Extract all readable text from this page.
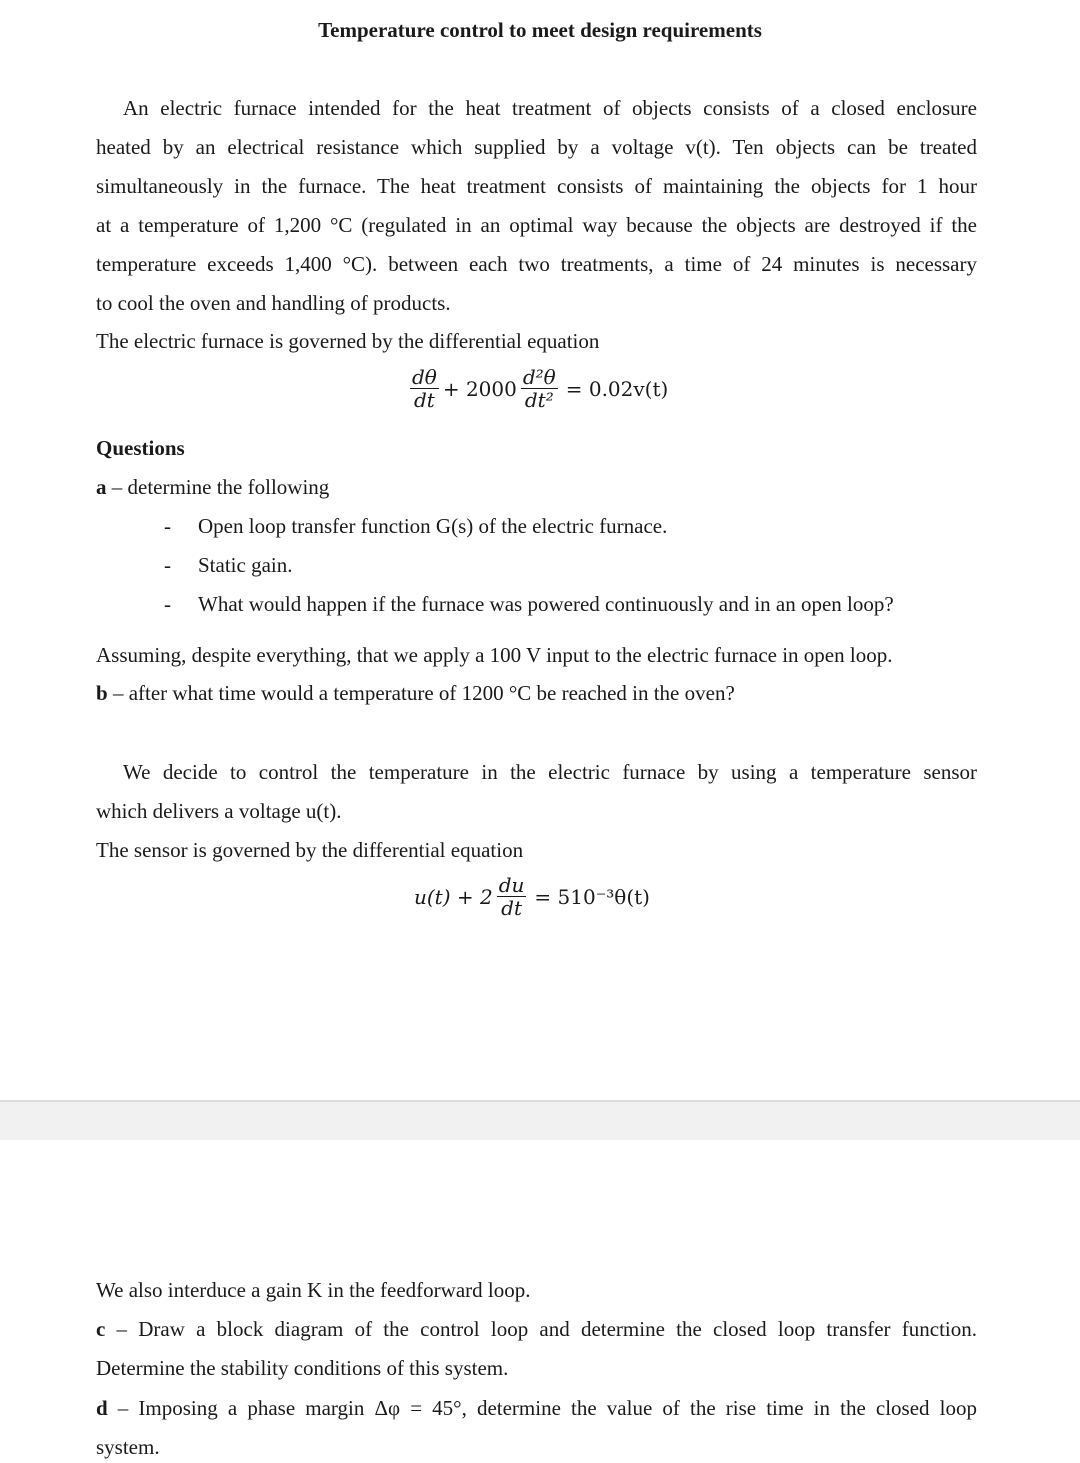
Temperature control to meet design requirements
An electric furnace intended for the heat treatment of objects consists of a closed enclosure
heated by an electrical resistance which supplied by a voltage v(t). Ten objects can be treated
simultaneously in the furnace. The heat treatment consists of maintaining the objects for 1 hour
at a temperature of 1,200 °C (regulated in an optimal way because the objects are destroyed if the
temperature exceeds 1,400 °C). between each two treatments, a time of 24 minutes is necessary
to cool the oven and handling of products.
The electric furnace is governed by the differential equation
$\frac{d\theta}{dt} + 2000 \frac{\text{d²θ}}{\text{dt²}} = 0.02v(t)$
Questions
a – determine the following
- Open loop transfer function G(s) of the electric furnace.
- Static gain.
- What would happen if the furnace was powered continuously and in an open loop?
Assuming, despite everything, that we apply a 100 V input to the electric furnace in open loop.
b – after what time would a temperature of 1200 °C be reached in the oven?
We decide to control the temperature in the electric furnace by using a temperature sensor
which delivers a voltage u(t).
The sensor is governed by the differential equation
$u(t) + 2 \frac{du}{dt} = 510^{-3}\theta(t)$
We also interduce a gain K in the feedforward loop.
c – Draw a block diagram of the control loop and determine the closed loop transfer function.
Determine the stability conditions of this system.
d – Imposing a phase margin Δφ = 45°, determine the value of the rise time in the closed loop
system.
